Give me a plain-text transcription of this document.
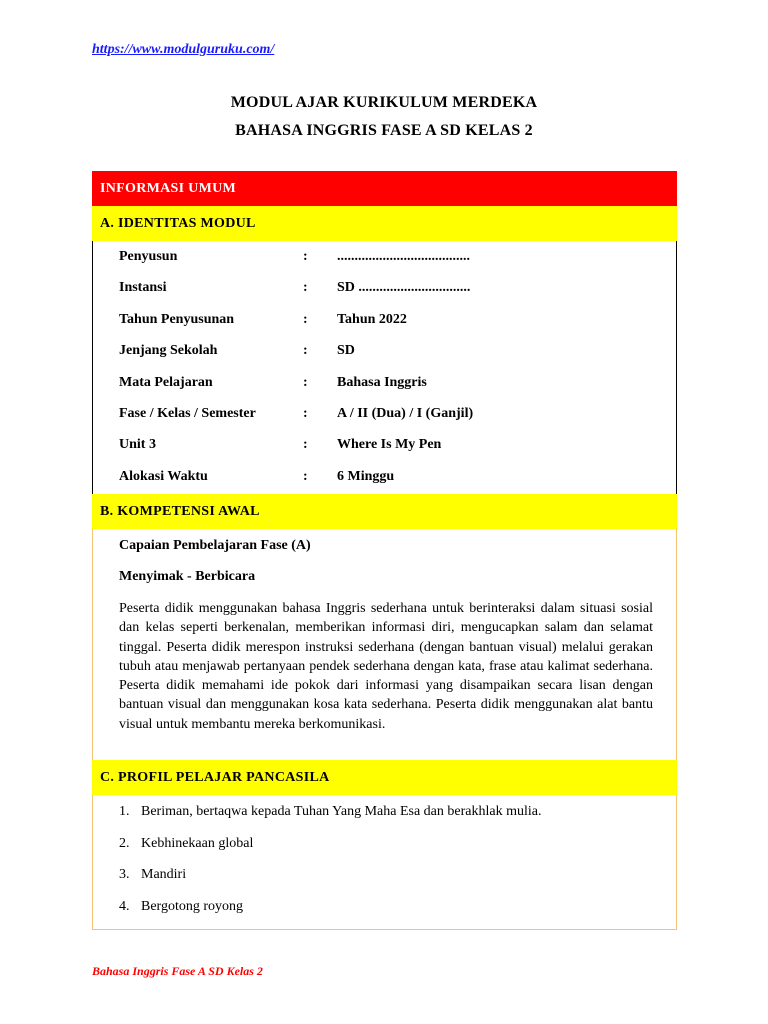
https://www.modulguruku.com/
MODUL AJAR KURIKULUM MERDEKA
BAHASA INGGRIS FASE A SD KELAS 2
INFORMASI UMUM
A. IDENTITAS MODUL
Penyusun	: ......................................
Instansi	: SD ................................
Tahun Penyusunan	: Tahun 2022
Jenjang Sekolah	: SD
Mata Pelajaran	: Bahasa Inggris
Fase / Kelas / Semester	: A / II (Dua) / I (Ganjil)
Unit 3	: Where Is My Pen
Alokasi Waktu	: 6 Minggu
B. KOMPETENSI AWAL
Capaian Pembelajaran Fase (A)
Menyimak - Berbicara
Peserta didik menggunakan bahasa Inggris sederhana untuk berinteraksi dalam situasi sosial dan kelas seperti berkenalan, memberikan informasi diri, mengucapkan salam dan selamat tinggal. Peserta didik merespon instruksi sederhana (dengan bantuan visual) melalui gerakan tubuh atau menjawab pertanyaan pendek sederhana dengan kata, frase atau kalimat sederhana. Peserta didik memahami ide pokok dari informasi yang disampaikan secara lisan dengan bantuan visual dan menggunakan kosa kata sederhana. Peserta didik menggunakan alat bantu visual untuk membantu mereka berkomunikasi.
C. PROFIL PELAJAR PANCASILA
1. Beriman, bertaqwa kepada Tuhan Yang Maha Esa dan berakhlak mulia.
2. Kebhinekaan global
3. Mandiri
4. Bergotong royong
Bahasa Inggris Fase A SD Kelas 2
